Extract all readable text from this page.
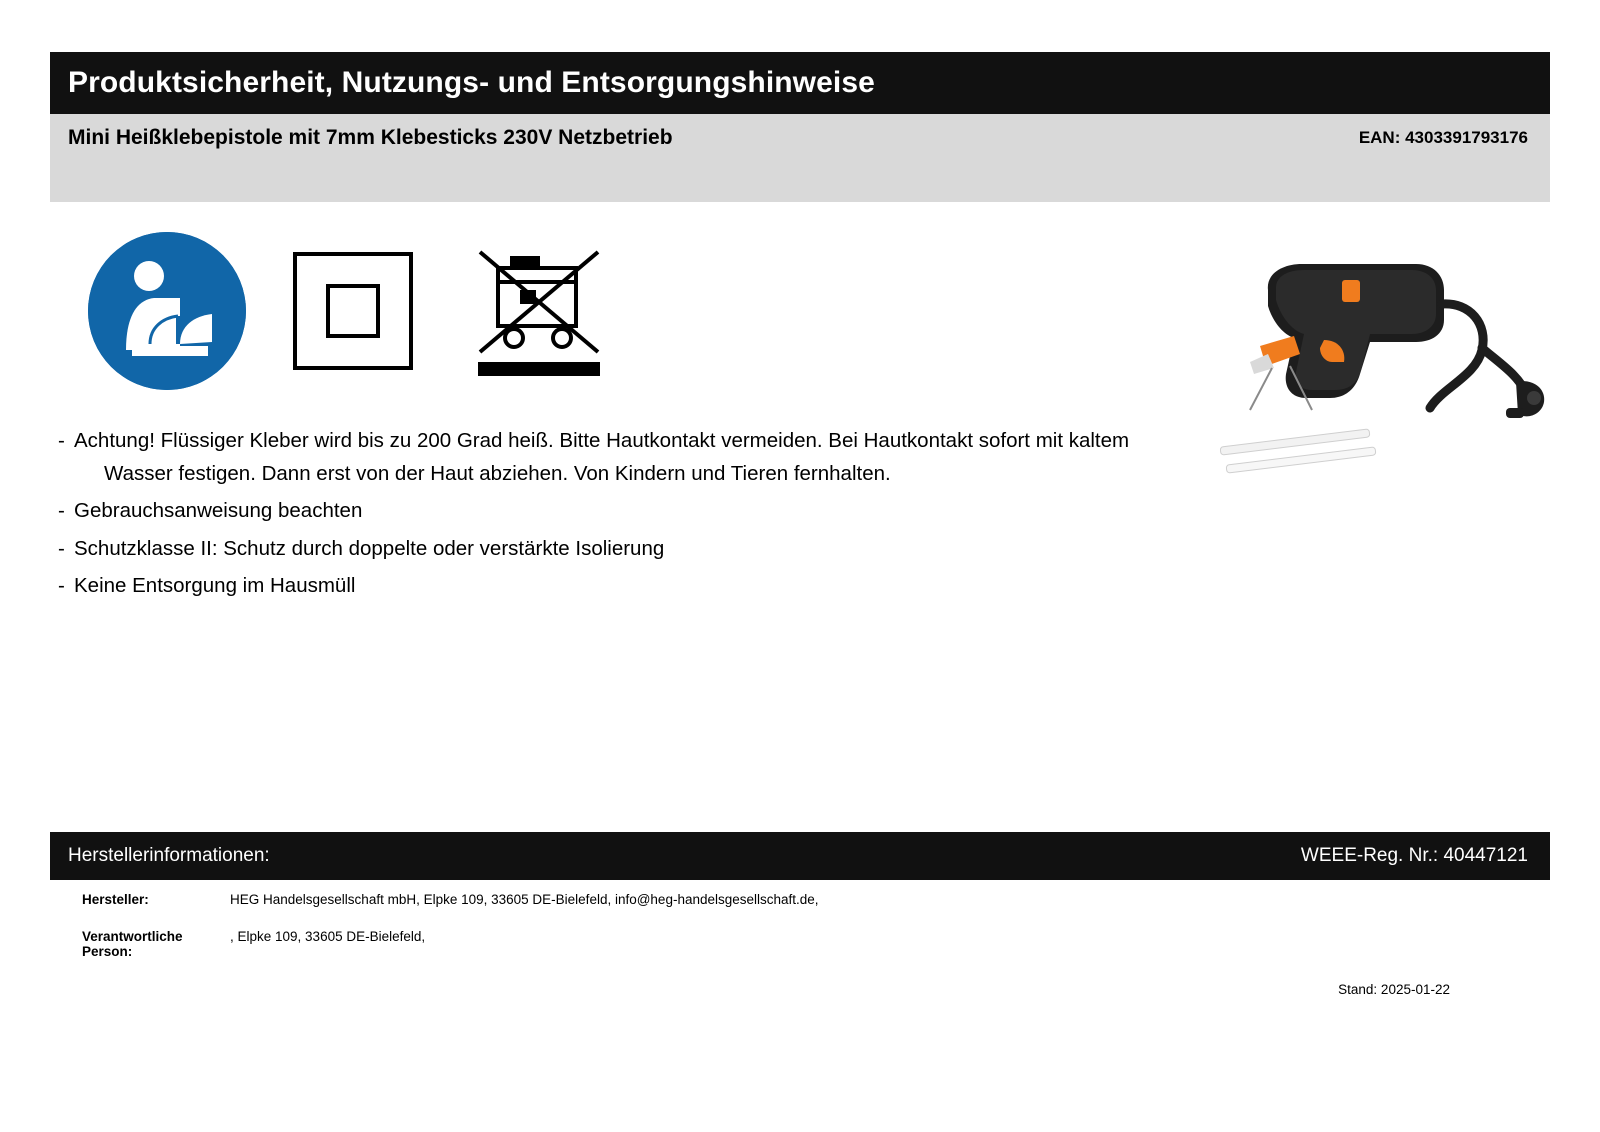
Produktsicherheit, Nutzungs- und Entsorgungshinweise
Mini Heißklebepistole mit 7mm Klebesticks 230V Netzbetrieb	EAN: 4303391793176
- Achtung! Flüssiger Kleber wird bis zu 200 Grad heiß. Bitte Hautkontakt vermeiden. Bei Hautkontakt sofort mit kaltem
Wasser festigen. Dann erst von der Haut abziehen. Von Kindern und Tieren fernhalten.
- Gebrauchsanweisung beachten
- Schutzklasse II: Schutz durch doppelte oder verstärkte Isolierung
- Keine Entsorgung im Hausmüll
Herstellerinformationen:	WEEE-Reg. Nr.: 40447121
Hersteller:	HEG Handelsgesellschaft mbH, Elpke 109, 33605 DE-Bielefeld, info@heg-handelsgesellschaft.de,
Verantwortliche Person:
, Elpke 109, 33605 DE-Bielefeld,
Stand: 2025-01-22
